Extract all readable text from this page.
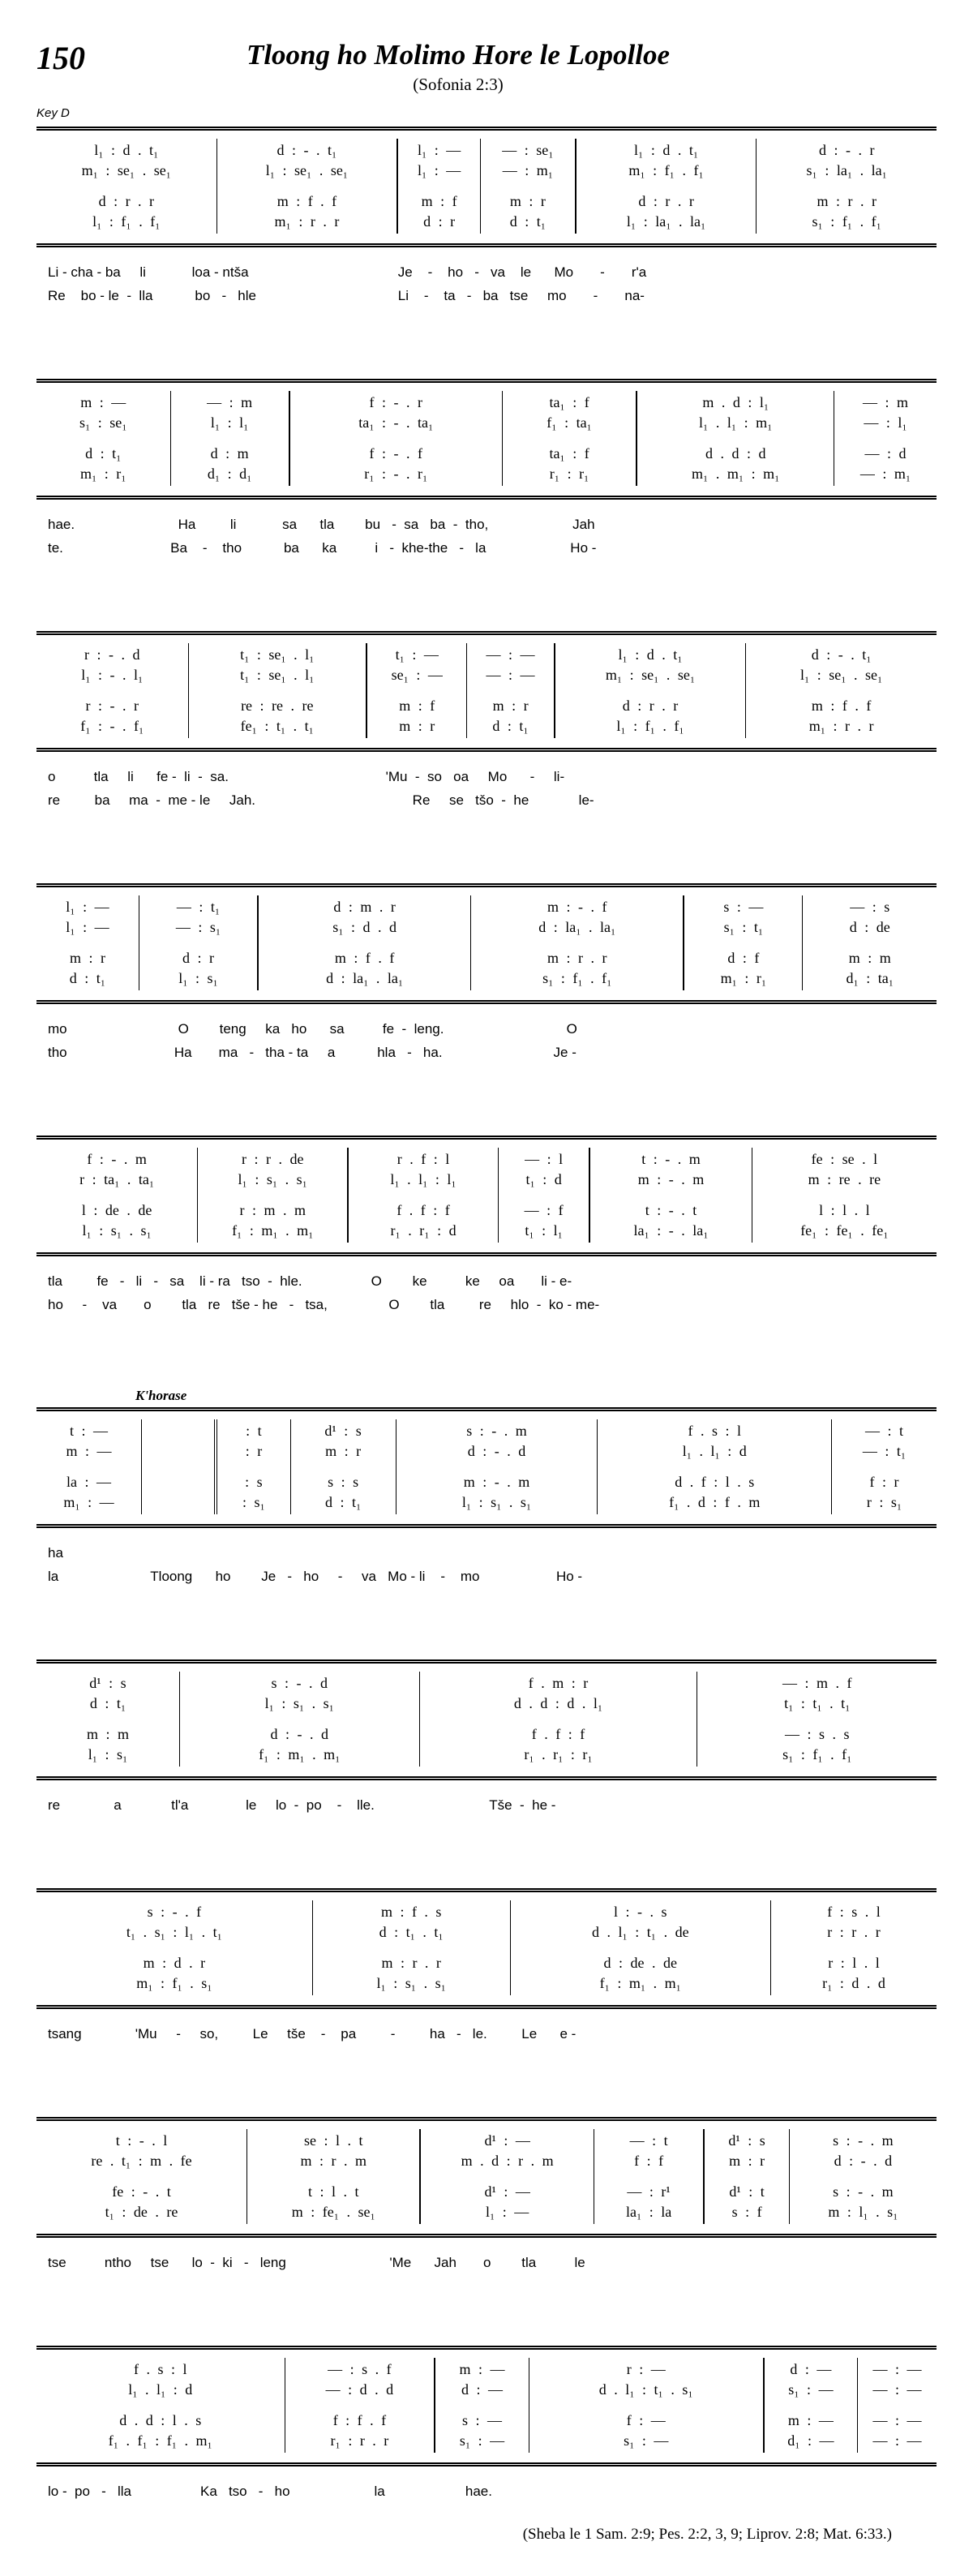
150	Tloong ho Molimo Hore le Lopolloe
(Sofonia 2:3)
Key D
l₁ : d . t₁
m₁ : se₁ . se₁
d : r . r
l₁ : f₁ . f₁
d : - . t₁
l₁ : se₁ . se₁
m : f . f
m₁ : r . r
l₁ : —
l₁ : —
m : f
d : r
— : se₁
— : m₁
m : r
d : t₁
l₁ : d . t₁
m₁ : f₁ . f₁
d : r . r
l₁ : la₁ . la₁
d : - . r
s₁ : la₁ . la₁
m : r . r
s₁ : f₁ . f₁
Li - cha - ba     li            loa - ntša                                       Je    -    ho   -   va    le      Mo       -       r'a
Re    bo - le  -  lla           bo   -   hle                                     Li    -    ta   -   ba   tse     mo       -       na-
m : —
s₁ : se₁
d : t₁
m₁ : r₁
— : m
l₁ : l₁
d : m
d₁ : d₁
f : - . r
ta₁ : - . ta₁
f : - . f
r₁ : - . r₁
ta₁ : f
f₁ : ta₁
ta₁ : f
r₁ : r₁
m . d : l₁
l₁ . l₁ : m₁
d . d : d
m₁ . m₁ : m₁
— : m
— : l₁
— : d
— : m₁
hae.                           Ha         li            sa      tla        bu   -  sa   ba  -  tho,                      Jah
te.                            Ba    -    tho           ba      ka          i   -  khe-the   -   la                      Ho -
r : - . d
l₁ : - . l₁
r : - . r
f₁ : - . f₁
t₁ : se₁ . l₁
t₁ : se₁ . l₁
re : re . re
fe₁ : t₁ . t₁
t₁ : —
se₁ : —
m : f
m : r
— : —
— : —
m : r
d : t₁
l₁ : d . t₁
m₁ : se₁ . se₁
d : r . r
l₁ : f₁ . f₁
d : - . t₁
l₁ : se₁ . se₁
m : f . f
m₁ : r . r
o          tla     li      fe -  li  -  sa.                                         'Mu  -  so   oa     Mo      -     li-
re         ba     ma  -  me - le     Jah.                                         Re     se   tšo  -  he             le-
l₁ : —
l₁ : —
m : r
d : t₁
— : t₁
— : s₁
d : r
l₁ : s₁
d : m . r
s₁ : d . d
m : f . f
d : la₁ . la₁
m : - . f
d : la₁ . la₁
m : r . r
s₁ : f₁ . f₁
s : —
s₁ : t₁
d : f
m₁ : r₁
— : s
d : de
m : m
d₁ : ta₁
mo                             O        teng     ka   ho      sa          fe  -  leng.                                O
tho                            Ha       ma   -   tha - ta     a           hla   -   ha.                             Je -
f : - . m
r : ta₁ . ta₁
l : de . de
l₁ : s₁ . s₁
r : r . de
l₁ : s₁ . s₁
r : m . m
f₁ : m₁ . m₁
r . f : l
l₁ . l₁ : l₁
f . f : f
r₁ . r₁ : d
— : l
t₁ : d
— : f
t₁ : l₁
t : - . m
m : - . m
t : - . t
la₁ : - . la₁
fe : se . l
m : re . re
l : l . l
fe₁ : fe₁ . fe₁
tla         fe   -   li   -   sa    li - ra   tso  -  hle.                  O        ke          ke     oa       li - e-
ho     -    va       o        tla   re   tše - he   -   tsa,                O        tla         re     hlo  -  ko - me-
K'horase
t : —
m : —
la : —
m₁ : —
: t
: r
: s
: s₁
d¹ : s
m : r
s : s
d : t₁
s : - . m
d : - . d
m : - . m
l₁ : s₁ . s₁
f . s : l
l₁ . l₁ : d
d . f : l . s
f₁ . d : f . m
— : t
— : t₁
f : r
r : s₁
ha
la                        Tloong      ho        Je   -   ho     -     va   Mo - li    -    mo                    Ho -
d¹ : s
d : t₁
m : m
l₁ : s₁
s : - . d
l₁ : s₁ . s₁
d : - . d
f₁ : m₁ . m₁
f . m : r
d . d : d . l₁
f . f : f
r₁ . r₁ : r₁
— : m . f
t₁ : t₁ . t₁
— : s . s
s₁ : f₁ . f₁
re              a             tl'a               le     lo  -  po    -    lle.                              Tše  -  he -
s : - . f
t₁ . s₁ : l₁ . t₁
m : d . r
m₁ : f₁ . s₁
m : f . s
d : t₁ . t₁
m : r . r
l₁ : s₁ . s₁
l : - . s
d . l₁ : t₁ . de
d : de . de
f₁ : m₁ . m₁
f : s . l
r : r . r
r : l . l
r₁ : d . d
tsang              'Mu     -     so,         Le     tše    -    pa         -         ha   -   le.         Le      e -
t : - . l
re . t₁ : m . fe
fe : - . t
t₁ : de . re
se : l . t
m : r . m
t : l . t
m : fe₁ . se₁
d¹ : —
m . d : r . m
d¹ : —
l₁ : —
— : t
f : f
— : r¹
la₁ : la
d¹ : s
m : r
d¹ : t
s : f
s : - . m
d : - . d
s : - . m
m : l₁ . s₁
tse          ntho     tse      lo  -  ki   -   leng                           'Me      Jah       o        tla          le
f . s : l
l₁ . l₁ : d
d . d : l . s
f₁ . f₁ : f₁ . m₁
— : s . f
— : d . d
f : f . f
r₁ : r . r
m : —
d : —
s : —
s₁ : —
r : —
d . l₁ : t₁ . s₁
f : —
s₁ : —
d : —
s₁ : —
m : —
d₁ : —
— : —
— : —
— : —
— : —
lo -  po   -   lla                  Ka   tso   -   ho                      la                     hae.
(Sheba le 1 Sam. 2:9; Pes. 2:2, 3, 9; Liprov. 2:8; Mat. 6:33.)
